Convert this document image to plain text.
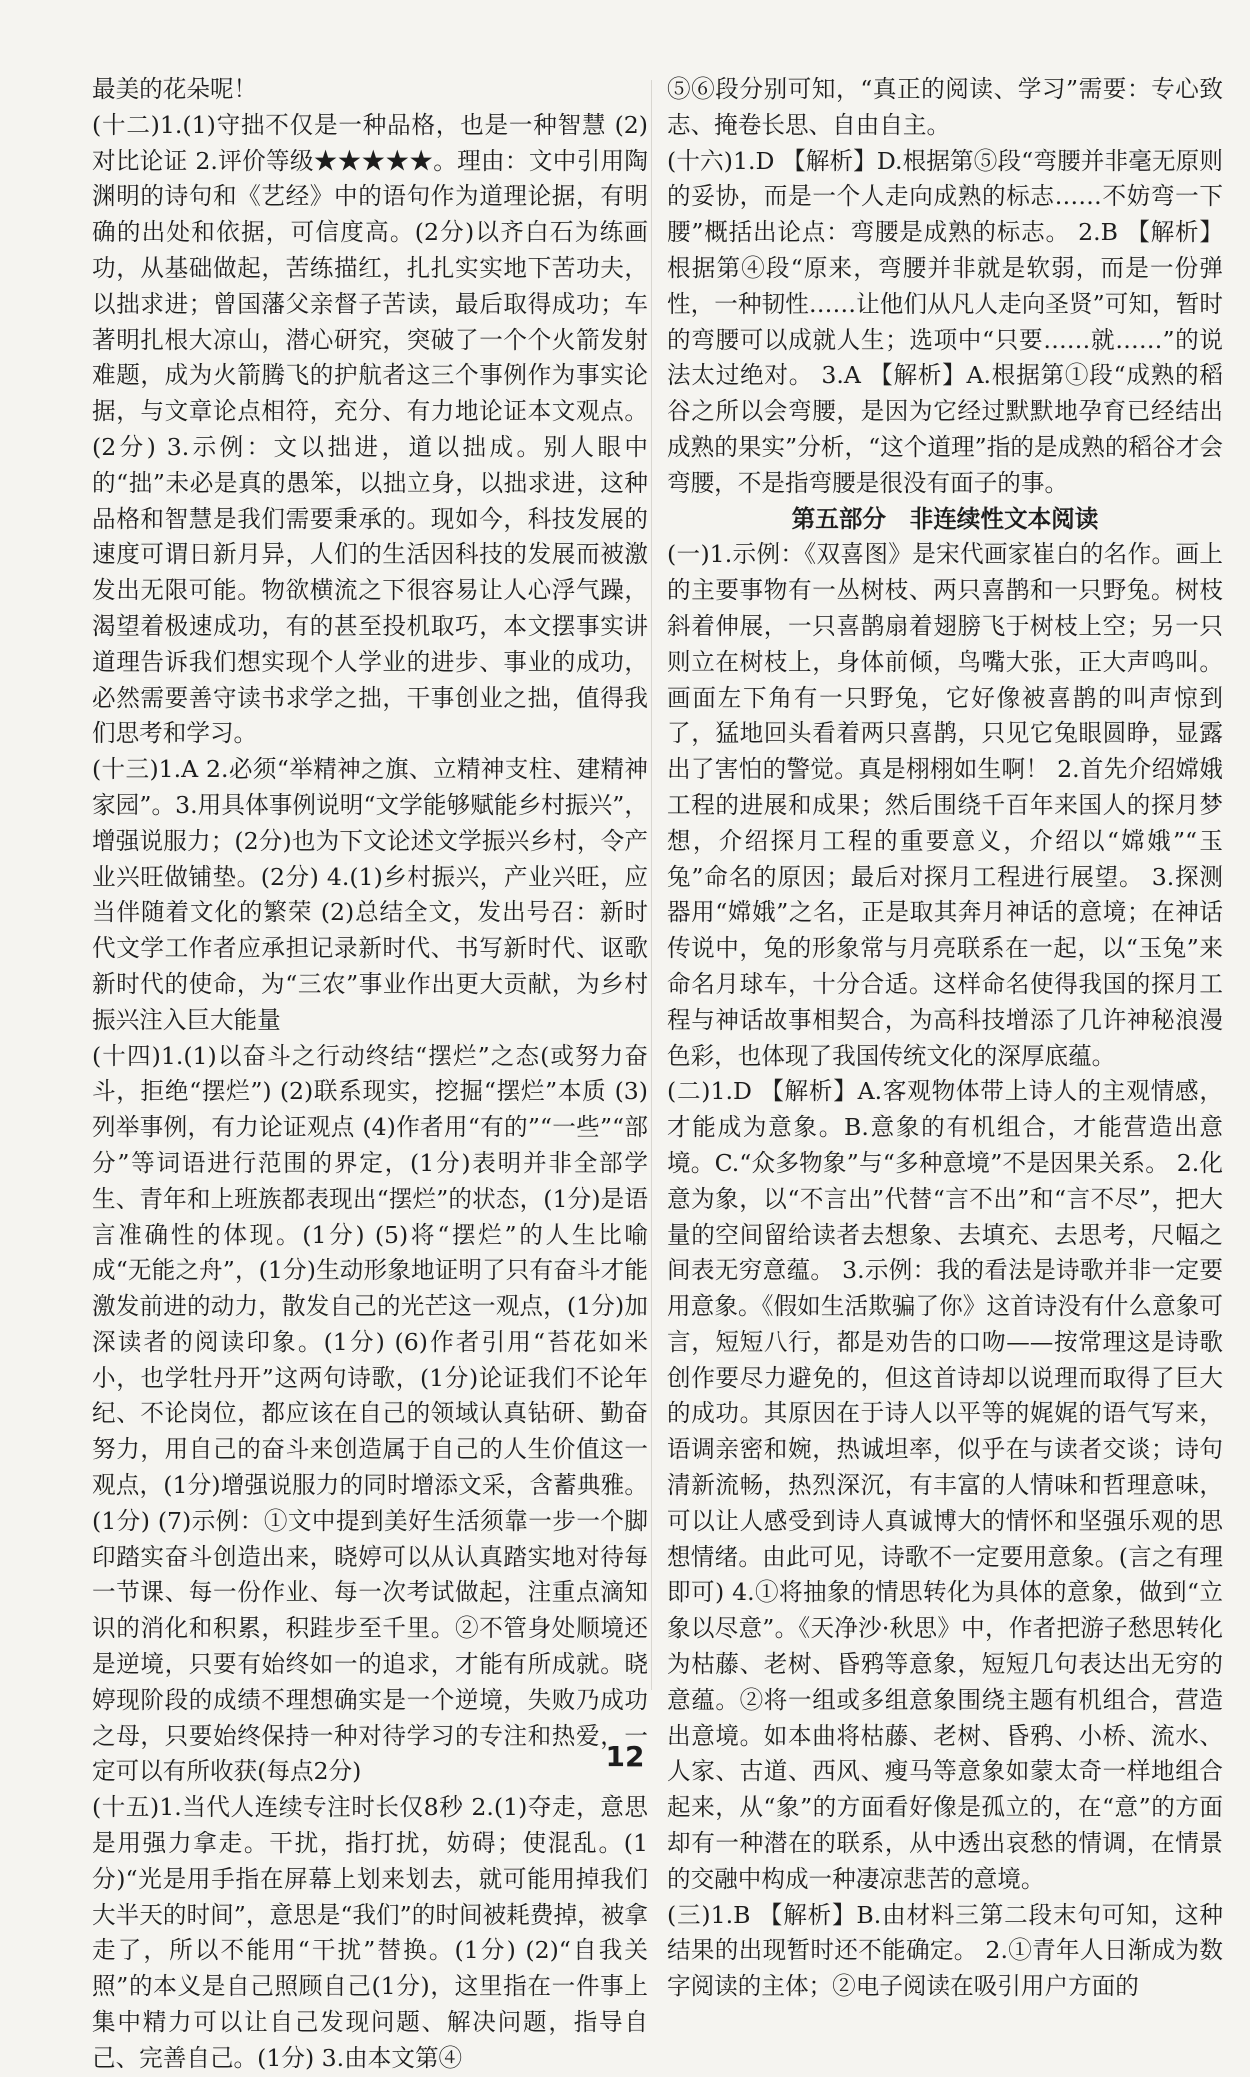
最美的花朵呢！

(十二)1.(1)守拙不仅是一种品格，也是一种智慧 (2)对比论证 2.评价等级★★★★★。理由：文中引用陶渊明的诗句和《艺经》中的语句作为道理论据，有明确的出处和依据，可信度高。(2分)以齐白石为练画功，从基础做起，苦练描红，扎扎实实地下苦功夫，以拙求进；曾国藩父亲督子苦读，最后取得成功；车著明扎根大凉山，潜心研究，突破了一个个火箭发射难题，成为火箭腾飞的护航者这三个事例作为事实论据，与文章论点相符，充分、有力地论证本文观点。(2分) 3.示例：文以拙进，道以拙成。别人眼中的“拙”未必是真的愚笨，以拙立身，以拙求进，这种品格和智慧是我们需要秉承的。现如今，科技发展的速度可谓日新月异，人们的生活因科技的发展而被激发出无限可能。物欲横流之下很容易让人心浮气躁，渴望着极速成功，有的甚至投机取巧，本文摆事实讲道理告诉我们想实现个人学业的进步、事业的成功，必然需要善守读书求学之拙，干事创业之拙，值得我们思考和学习。

(十三)1.A 2.必须“举精神之旗、立精神支柱、建精神家园”。3.用具体事例说明“文学能够赋能乡村振兴”，增强说服力；(2分)也为下文论述文学振兴乡村，令产业兴旺做铺垫。(2分) 4.(1)乡村振兴，产业兴旺，应当伴随着文化的繁荣 (2)总结全文，发出号召：新时代文学工作者应承担记录新时代、书写新时代、讴歌新时代的使命，为“三农”事业作出更大贡献，为乡村振兴注入巨大能量

(十四)1.(1)以奋斗之行动终结“摆烂”之态(或努力奋斗，拒绝“摆烂”) (2)联系现实，挖掘“摆烂”本质 (3)列举事例，有力论证观点 (4)作者用“有的”“一些”“部分”等词语进行范围的界定，(1分)表明并非全部学生、青年和上班族都表现出“摆烂”的状态，(1分)是语言准确性的体现。(1分) (5)将“摆烂”的人生比喻成“无能之舟”，(1分)生动形象地证明了只有奋斗才能激发前进的动力，散发自己的光芒这一观点，(1分)加深读者的阅读印象。(1分) (6)作者引用“苔花如米小，也学牡丹开”这两句诗歌，(1分)论证我们不论年纪、不论岗位，都应该在自己的领域认真钻研、勤奋努力，用自己的奋斗来创造属于自己的人生价值这一观点，(1分)增强说服力的同时增添文采，含蓄典雅。(1分) (7)示例：①文中提到美好生活须靠一步一个脚印踏实奋斗创造出来，晓婷可以从认真踏实地对待每一节课、每一份作业、每一次考试做起，注重点滴知识的消化和积累，积跬步至千里。②不管身处顺境还是逆境，只要有始终如一的追求，才能有所成就。晓婷现阶段的成绩不理想确实是一个逆境，失败乃成功之母，只要始终保持一种对待学习的专注和热爱，一定可以有所收获(每点2分)

(十五)1.当代人连续专注时长仅8秒 2.(1)夺走，意思是用强力拿走。干扰，指打扰，妨碍；使混乱。(1分)“光是用手指在屏幕上划来划去，就可能用掉我们大半天的时间”，意思是“我们”的时间被耗费掉，被拿走了，所以不能用“干扰”替换。(1分) (2)“自我关照”的本义是自己照顾自己(1分)，这里指在一件事上集中精力可以让自己发现问题、解决问题，指导自己、完善自己。(1分) 3.由本文第④

⑤⑥段分别可知，“真正的阅读、学习”需要：专心致志、掩卷长思、自由自主。

(十六)1.D 【解析】D.根据第⑤段“弯腰并非毫无原则的妥协，而是一个人走向成熟的标志……不妨弯一下腰”概括出论点：弯腰是成熟的标志。 2.B 【解析】根据第④段“原来，弯腰并非就是软弱，而是一份弹性，一种韧性……让他们从凡人走向圣贤”可知，暂时的弯腰可以成就人生；选项中“只要……就……”的说法太过绝对。 3.A 【解析】A.根据第①段“成熟的稻谷之所以会弯腰，是因为它经过默默地孕育已经结出成熟的果实”分析，“这个道理”指的是成熟的稻谷才会弯腰，不是指弯腰是很没有面子的事。

第五部分　非连续性文本阅读

(一)1.示例：《双喜图》是宋代画家崔白的名作。画上的主要事物有一丛树枝、两只喜鹊和一只野兔。树枝斜着伸展，一只喜鹊扇着翅膀飞于树枝上空；另一只则立在树枝上，身体前倾，鸟嘴大张，正大声鸣叫。画面左下角有一只野兔，它好像被喜鹊的叫声惊到了，猛地回头看着两只喜鹊，只见它兔眼圆睁，显露出了害怕的警觉。真是栩栩如生啊！ 2.首先介绍嫦娥工程的进展和成果；然后围绕千百年来国人的探月梦想，介绍探月工程的重要意义，介绍以“嫦娥”“玉兔”命名的原因；最后对探月工程进行展望。 3.探测器用“嫦娥”之名，正是取其奔月神话的意境；在神话传说中，兔的形象常与月亮联系在一起，以“玉兔”来命名月球车，十分合适。这样命名使得我国的探月工程与神话故事相契合，为高科技增添了几许神秘浪漫色彩，也体现了我国传统文化的深厚底蕴。

(二)1.D 【解析】A.客观物体带上诗人的主观情感，才能成为意象。B.意象的有机组合，才能营造出意境。C.“众多物象”与“多种意境”不是因果关系。 2.化意为象，以“不言出”代替“言不出”和“言不尽”，把大量的空间留给读者去想象、去填充、去思考，尺幅之间表无穷意蕴。 3.示例：我的看法是诗歌并非一定要用意象。《假如生活欺骗了你》这首诗没有什么意象可言，短短八行，都是劝告的口吻——按常理这是诗歌创作要尽力避免的，但这首诗却以说理而取得了巨大的成功。其原因在于诗人以平等的娓娓的语气写来，语调亲密和婉，热诚坦率，似乎在与读者交谈；诗句清新流畅，热烈深沉，有丰富的人情味和哲理意味，可以让人感受到诗人真诚博大的情怀和坚强乐观的思想情绪。由此可见，诗歌不一定要用意象。(言之有理即可) 4.①将抽象的情思转化为具体的意象，做到“立象以尽意”。《天净沙·秋思》中，作者把游子愁思转化为枯藤、老树、昏鸦等意象，短短几句表达出无穷的意蕴。②将一组或多组意象围绕主题有机组合，营造出意境。如本曲将枯藤、老树、昏鸦、小桥、流水、人家、古道、西风、瘦马等意象如蒙太奇一样地组合起来，从“象”的方面看好像是孤立的，在“意”的方面却有一种潜在的联系，从中透出哀愁的情调，在情景的交融中构成一种凄凉悲苦的意境。

(三)1.B 【解析】B.由材料三第二段末句可知，这种结果的出现暂时还不能确定。 2.①青年人日渐成为数字阅读的主体；②电子阅读在吸引用户方面的

12
